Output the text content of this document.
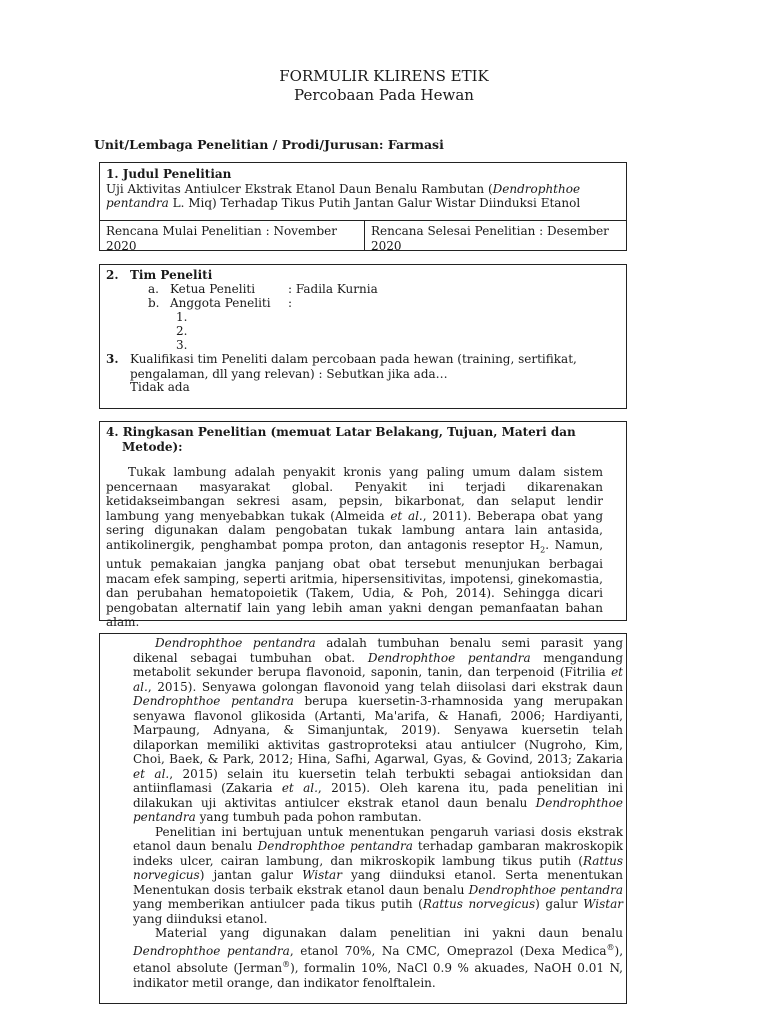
FORMULIR KLIRENS ETIK
Percobaan Pada Hewan
Unit/Lembaga Penelitian / Prodi/Jurusan: Farmasi
1. Judul Penelitian
Uji Aktivitas Antiulcer Ekstrak Etanol Daun Benalu Rambutan (Dendrophthoe pentandra L. Miq) Terhadap Tikus Putih Jantan Galur Wistar Diinduksi Etanol
Rencana Mulai Penelitian : November 2020
Rencana Selesai Penelitian : Desember 2020
2. Tim Peneliti
a. Ketua Peneliti	: Fadila Kurnia
b. Anggota Peneliti :
1.
2.
3.
3. Kualifikasi tim Peneliti dalam percobaan pada hewan (training, sertifikat, pengalaman, dll yang relevan) : Sebutkan jika ada…
Tidak ada
4. Ringkasan Penelitian (memuat Latar Belakang, Tujuan, Materi dan
Metode):

Tukak lambung adalah penyakit kronis yang paling umum dalam sistem pencernaan masyarakat global. Penyakit ini terjadi dikarenakan ketidakseimbangan sekresi asam, pepsin, bikarbonat, dan selaput lendir lambung yang menyebabkan tukak (Almeida et al., 2011). Beberapa obat yang sering digunakan dalam pengobatan tukak lambung antara lain antasida, antikolinergik, penghambat pompa proton, dan antagonis reseptor $H_2$. Namun, untuk pemakaian jangka panjang obat obat tersebut menunjukan berbagai macam efek samping, seperti aritmia, hipersensitivitas, impotensi, ginekomastia, dan perubahan hematopoietik (Takem, Udia, & Poh, 2014). Sehingga dicari pengobatan alternatif lain yang lebih aman yakni dengan pemanfaatan bahan alam.

Dendrophthoe pentandra adalah tumbuhan benalu semi parasit yang dikenal sebagai tumbuhan obat. Dendrophthoe pentandra mengandung metabolit sekunder berupa flavonoid, saponin, tanin, dan terpenoid (Fitrilia et al., 2015). Senyawa golongan flavonoid yang telah diisolasi dari ekstrak daun Dendrophthoe pentandra berupa kuersetin-3-rhamnosida yang merupakan senyawa flavonol glikosida (Artanti, Ma'arifa, & Hanafi, 2006; Hardiyanti, Marpaung, Adnyana, & Simanjuntak, 2019). Senyawa kuersetin telah dilaporkan memiliki aktivitas gastroproteksi atau antiulcer (Nugroho, Kim, Choi, Baek, & Park, 2012; Hina, Safhi, Agarwal, Gyas, & Govind, 2013; Zakaria et al., 2015) selain itu kuersetin telah terbukti sebagai antioksidan dan antiinflamasi (Zakaria et al., 2015). Oleh karena itu, pada penelitian ini dilakukan uji aktivitas antiulcer ekstrak etanol daun benalu Dendrophthoe pentandra yang tumbuh pada pohon rambutan.

Penelitian ini bertujuan untuk menentukan pengaruh variasi dosis ekstrak etanol daun benalu Dendrophthoe pentandra terhadap gambaran makroskopik indeks ulcer, cairan lambung, dan mikroskopik lambung tikus putih (Rattus norvegicus) jantan galur Wistar yang diinduksi etanol. Serta menentukan Menentukan dosis terbaik ekstrak etanol daun benalu Dendrophthoe pentandra yang memberikan antiulcer pada tikus putih (Rattus norvegicus) galur Wistar yang diinduksi etanol.

Material yang digunakan dalam penelitian ini yakni daun benalu Dendrophthoe pentandra, etanol 70%, Na CMC, Omeprazol (Dexa Medica®), etanol absolute (Jerman®), formalin 10%, NaCl 0.9 % akuades, NaOH 0.01 N, indikator metil orange, dan indikator fenolftalein.
